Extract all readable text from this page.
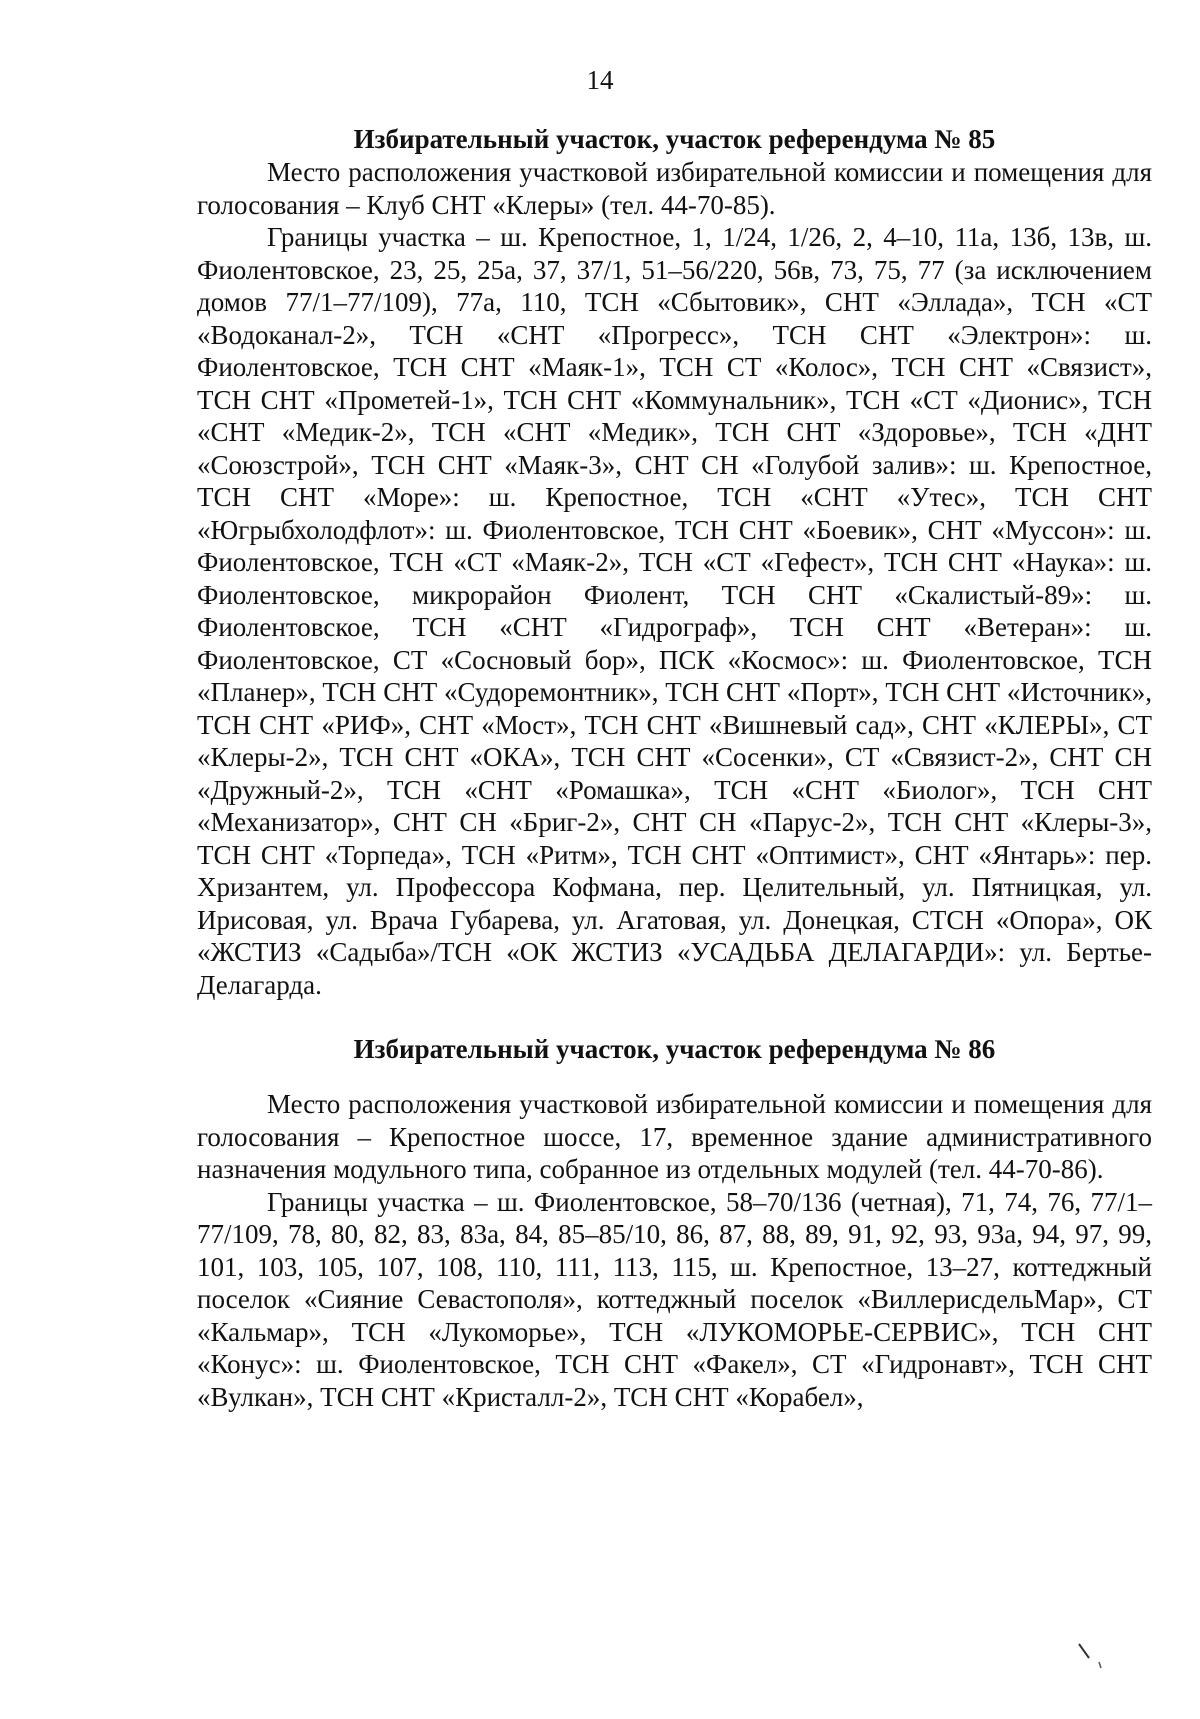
14
Избирательный участок, участок референдума № 85

Место расположения участковой избирательной комиссии и помещения для голосования – Клуб СНТ «Клеры» (тел. 44-70-85).

Границы участка – ш. Крепостное, 1, 1/24, 1/26, 2, 4–10, 11а, 13б, 13в, ш. Фиолентовское, 23, 25, 25а, 37, 37/1, 51–56/220, 56в, 73, 75, 77 (за исключением домов 77/1–77/109), 77а, 110, ТСН «Сбытовик», СНТ «Эллада», ТСН «СТ «Водоканал-2», ТСН «СНТ «Прогресс», ТСН СНТ «Электрон»: ш. Фиолентовское, ТСН СНТ «Маяк-1», ТСН СТ «Колос», ТСН СНТ «Связист», ТСН СНТ «Прометей-1», ТСН СНТ «Коммунальник», ТСН «СТ «Дионис», ТСН «СНТ «Медик-2», ТСН «СНТ «Медик», ТСН СНТ «Здоровье», ТСН «ДНТ «Союзстрой», ТСН СНТ «Маяк-3», СНТ СН «Голубой залив»: ш. Крепостное, ТСН СНТ «Море»: ш. Крепостное, ТСН «СНТ «Утес», ТСН СНТ «Югрыбхолодфлот»: ш. Фиолентовское, ТСН СНТ «Боевик», СНТ «Муссон»: ш. Фиолентовское, ТСН «СТ «Маяк-2», ТСН «СТ «Гефест», ТСН СНТ «Наука»: ш. Фиолентовское, микрорайон Фиолент, ТСН СНТ «Скалистый-89»: ш. Фиолентовское, ТСН «СНТ «Гидрограф», ТСН СНТ «Ветеран»: ш. Фиолентовское, СТ «Сосновый бор», ПСК «Космос»: ш. Фиолентовское, ТСН «Планер», ТСН СНТ «Судоремонтник», ТСН СНТ «Порт», ТСН СНТ «Источник», ТСН СНТ «РИФ», СНТ «Мост», ТСН СНТ «Вишневый сад», СНТ «КЛЕРЫ», СТ «Клеры-2», ТСН СНТ «ОКА», ТСН СНТ «Сосенки», СТ «Связист-2», СНТ СН «Дружный-2», ТСН «СНТ «Ромашка», ТСН «СНТ «Биолог», ТСН СНТ «Механизатор», СНТ СН «Бриг-2», СНТ СН «Парус-2», ТСН СНТ «Клеры-3», ТСН СНТ «Торпеда», ТСН «Ритм», ТСН СНТ «Оптимист», СНТ «Янтарь»: пер. Хризантем, ул. Профессора Кофмана, пер. Целительный, ул. Пятницкая, ул. Ирисовая, ул. Врача Губарева, ул. Агатовая, ул. Донецкая, СТСН «Опора», ОК «ЖСТИЗ «Садыба»/ТСН «ОК ЖСТИЗ «УСАДЬБА ДЕЛАГАРДИ»: ул. Бертье-Делагарда.

Избирательный участок, участок референдума № 86

Место расположения участковой избирательной комиссии и помещения для голосования – Крепостное шоссе, 17, временное здание административного назначения модульного типа, собранное из отдельных модулей (тел. 44-70-86).

Границы участка – ш. Фиолентовское, 58–70/136 (четная), 71, 74, 76, 77/1–77/109, 78, 80, 82, 83, 83а, 84, 85–85/10, 86, 87, 88, 89, 91, 92, 93, 93а, 94, 97, 99, 101, 103, 105, 107, 108, 110, 111, 113, 115, ш. Крепостное, 13–27, коттеджный поселок «Сияние Севастополя», коттеджный поселок «ВиллерисдельМар», СТ «Кальмар», ТСН «Лукоморье», ТСН «ЛУКОМОРЬЕ-СЕРВИС», ТСН СНТ «Конус»: ш. Фиолентовское, ТСН СНТ «Факел», СТ «Гидронавт», ТСН СНТ «Вулкан», ТСН СНТ «Кристалл-2», ТСН СНТ «Корабел»,
